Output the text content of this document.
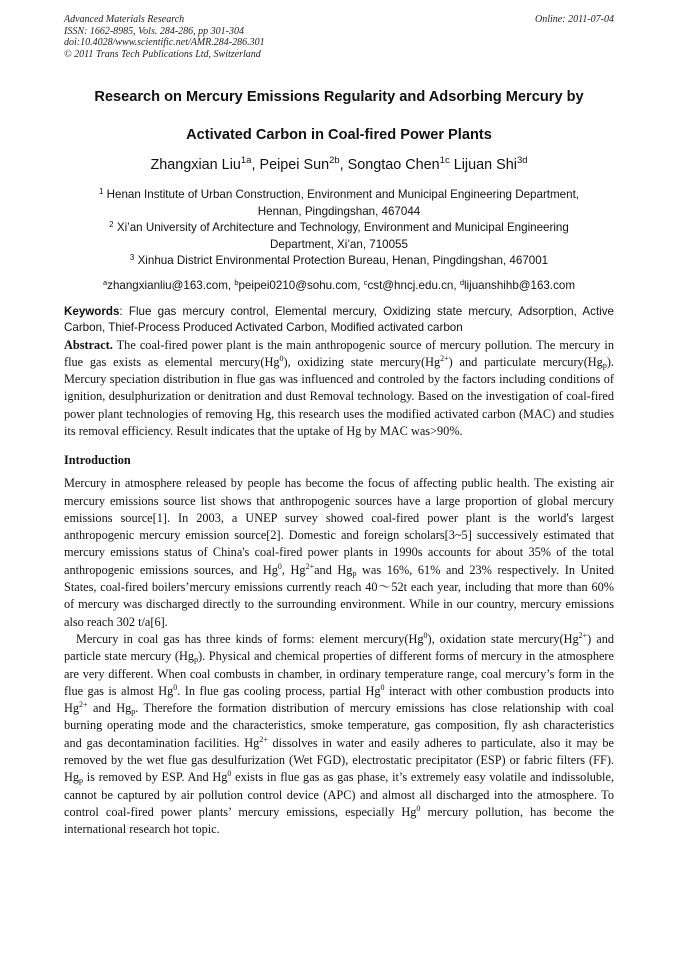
Advanced Materials Research
ISSN: 1662-8985, Vols. 284-286, pp 301-304
doi:10.4028/www.scientific.net/AMR.284-286.301
© 2011 Trans Tech Publications Ltd, Switzerland
Online: 2011-07-04
Research on Mercury Emissions Regularity and Adsorbing Mercury by
Activated Carbon in Coal-fired Power Plants
Zhangxian Liu$^{1a}$, Peipei Sun$^{2b}$, Songtao Chen$^{1c}$ Lijuan Shi$^{3d}$
$^1$ Henan Institute of Urban Construction, Environment and Municipal Engineering Department,
Hennan, Pingdingshan, 467044
$^2$ Xi’an University of Architecture and Technology, Environment and Municipal Engineering
Department, Xi’an, 710055
$^3$ Xinhua District Environmental Protection Bureau, Henan, Pingdingshan, 467001
$^a$zhangxianliu@163.com, $^b$peipei0210@sohu.com, $^c$cst@hncj.edu.cn, $^d$lijuanshihb@163.com
Keywords: Flue gas mercury control, Elemental mercury, Oxidizing state mercury, Adsorption, Active Carbon, Thief-Process Produced Activated Carbon, Modified activated carbon
Abstract. The coal-fired power plant is the main anthropogenic source of mercury pollution. The mercury in flue gas exists as elemental mercury(Hg$^0$), oxidizing state $mercury(Hg^{2+})$ and particulate $mercury(Hg_p)$. Mercury speciation distribution in flue gas was influenced and controled by the factors including conditions of ignition, desulphurization or denitration and dust Removal technology. Based on the investigation of coal-fired power plant technologies of removing Hg, this research uses the modified activated carbon (MAC) and studies its removal efficiency. Result indicates that the uptake of Hg by MAC was>90%.
Introduction
Mercury in atmosphere released by people has become the focus of affecting public health. The existing air mercury emissions source list shows that anthropogenic sources have a large proportion of global mercury emissions source[1]. In 2003, a UNEP survey showed coal-fired power plant is the world's largest anthropogenic mercury emission source[2]. Domestic and foreign scholars[3~5] successively estimated that mercury emissions status of China's coal-fired power plants in 1990s accounts for about 35% of the total anthropogenic emissions sources, and Hg$^0$, $Hg^{2+}and$ $Hg_p$ was 16%, 61% and 23% respectively. In United States, coal-fired boilers’mercury emissions currently reach 40～52t each year, including that more than 60% of mercury was discharged directly to the surrounding environment. While in our country, mercury emissions also reach 302 t/a[6].
Mercury in coal gas has three kinds of forms: element mercury(Hg$^0$), oxidation state $mercury(Hg^{2+})$ and particle state mercury $(Hg_p)$. Physical and chemical properties of different forms of mercury in the atmosphere are very different. When coal combusts in chamber, in ordinary temperature range, coal mercury’s form in the flue gas is almost Hg$^0$. In flue gas cooling process, partial Hg$^0$ interact with other combustion products into $Hg^{2+}$ and $Hg_p$. Therefore the formation distribution of mercury emissions has close relationship with coal burning operating mode and the characteristics, smoke temperature, gas composition, fly ash characteristics and gas decontamination facilities. $Hg^{2+}$ dissolves in water and easily adheres to particulate, also it may be removed by the wet flue gas desulfurization (Wet FGD), electrostatic precipitator (ESP) or fabric filters (FF). $Hg_p$ is removed by ESP. And Hg$^0$ exists in flue gas as gas phase, it’s extremely easy volatile and indissoluble, cannot be captured by air pollution control device (APC) and almost all discharged into the atmosphere. To control coal-fired power plants’ mercury emissions, especially Hg$^0$ mercury pollution, has become the international research hot topic.
